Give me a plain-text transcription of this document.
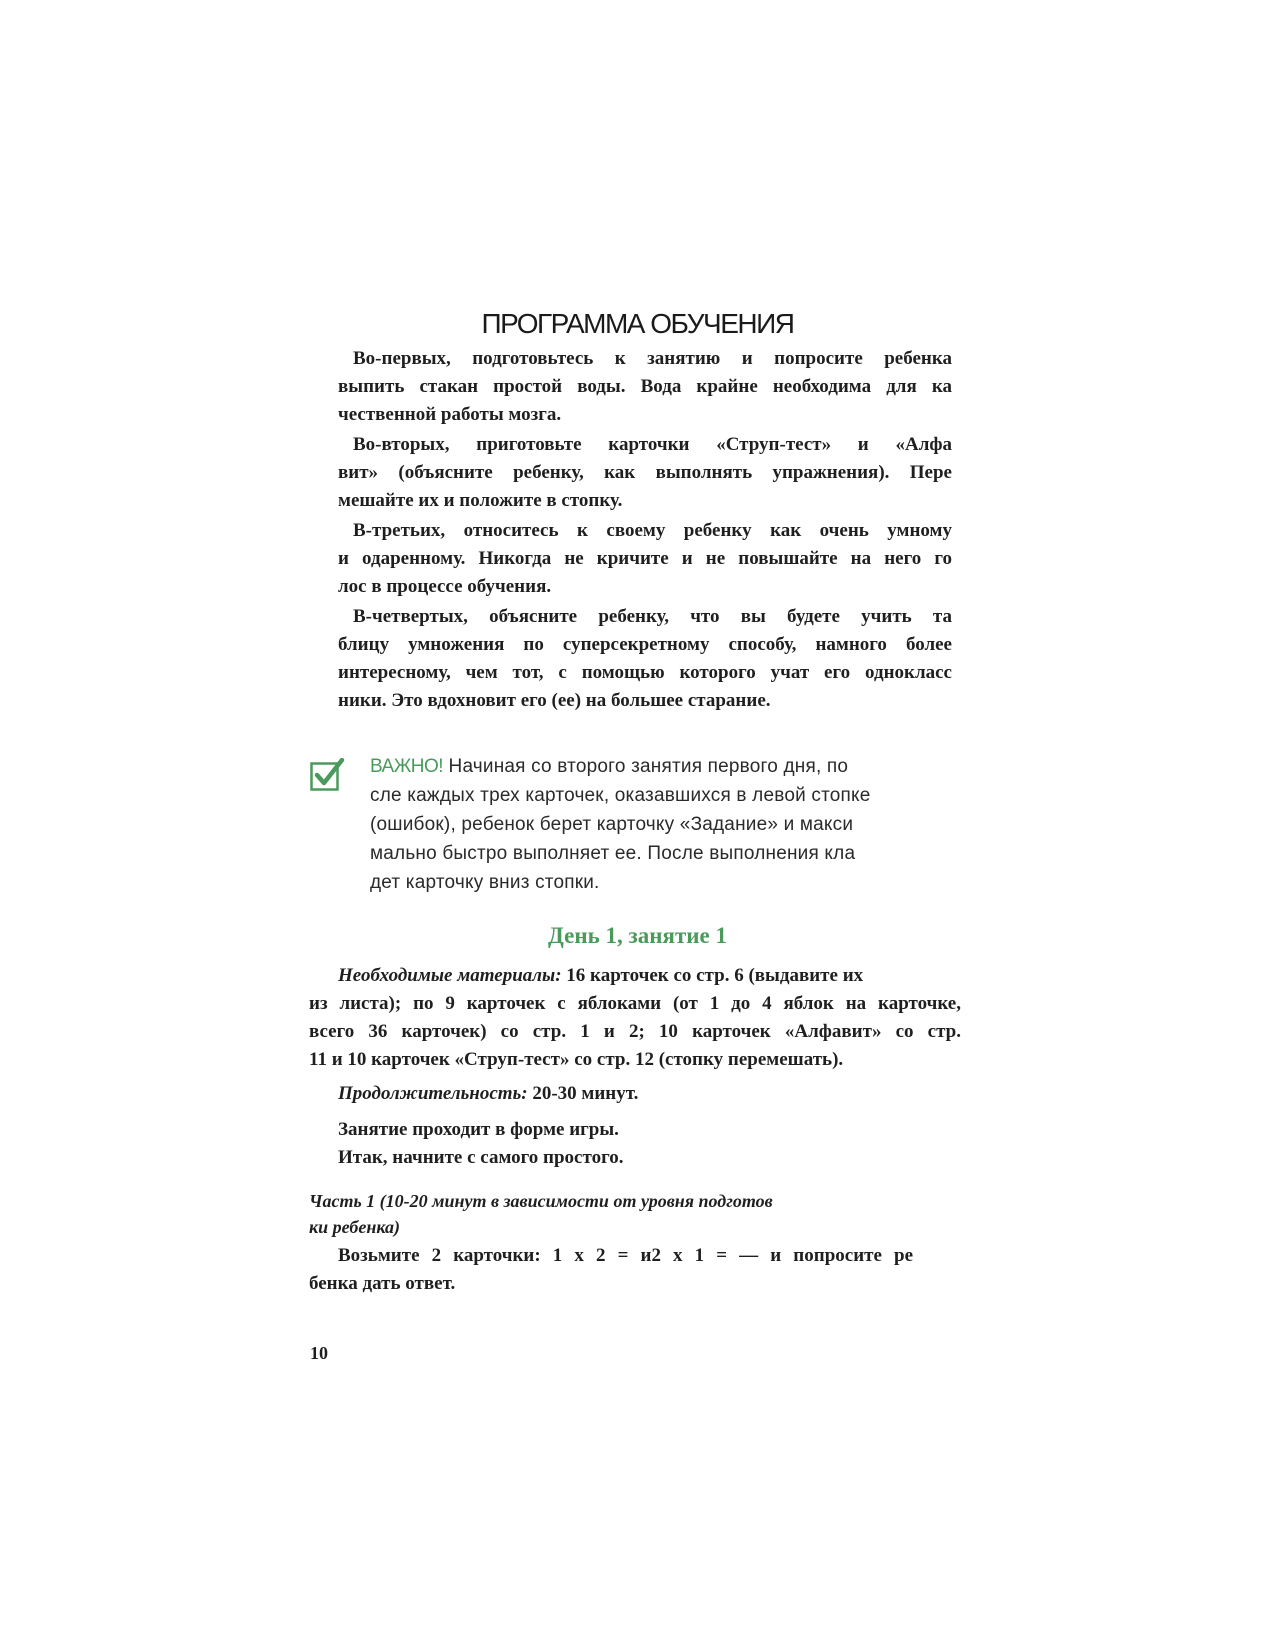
ПРОГРАММА ОБУЧЕНИЯ
Во-первых, подготовьтесь к занятию и попросите ребенка
выпить стакан простой воды. Вода крайне необходима для ка
чественной работы мозга.
Во-вторых, приготовьте карточки «Струп-тест» и «Алфа
вит» (объясните ребенку, как выполнять упражнения). Пере
мешайте их и положите в стопку.
В-третьих, относитесь к своему ребенку как очень умному
и одаренному. Никогда не кричите и не повышайте на него го
лос в процессе обучения.
В-четвертых, объясните ребенку, что вы будете учить та
блицу умножения по суперсекретному способу, намного более
интересному, чем тот, с помощью которого учат его однокласс
ники. Это вдохновит его (ее) на большее старание.
ВАЖНО! Начиная со второго занятия первого дня, по
сле каждых трех карточек, оказавшихся в левой стопке
(ошибок), ребенок берет карточку «Задание» и макси
мально быстро выполняет ее. После выполнения кла
дет карточку вниз стопки.
День 1, занятие 1
Необходимые материалы: 16 карточек со стр. 6 (выдавите их
из листа); по 9 карточек с яблоками (от 1 до 4 яблок на карточке,
всего 36 карточек) со стр. 1 и 2; 10 карточек «Алфавит» со стр.
11 и 10 карточек «Струп-тест» со стр. 12 (стопку перемешать).
Продолжительность: 20-30 минут.
Занятие проходит в форме игры.
Итак, начните с самого простого.
Часть 1 (10-20 минут в зависимости от уровня подготов
ки ребенка)
Возьмите 2 карточки: 1 x 2 = и2 x 1 = — и попросите ре
бенка дать ответ.
10
